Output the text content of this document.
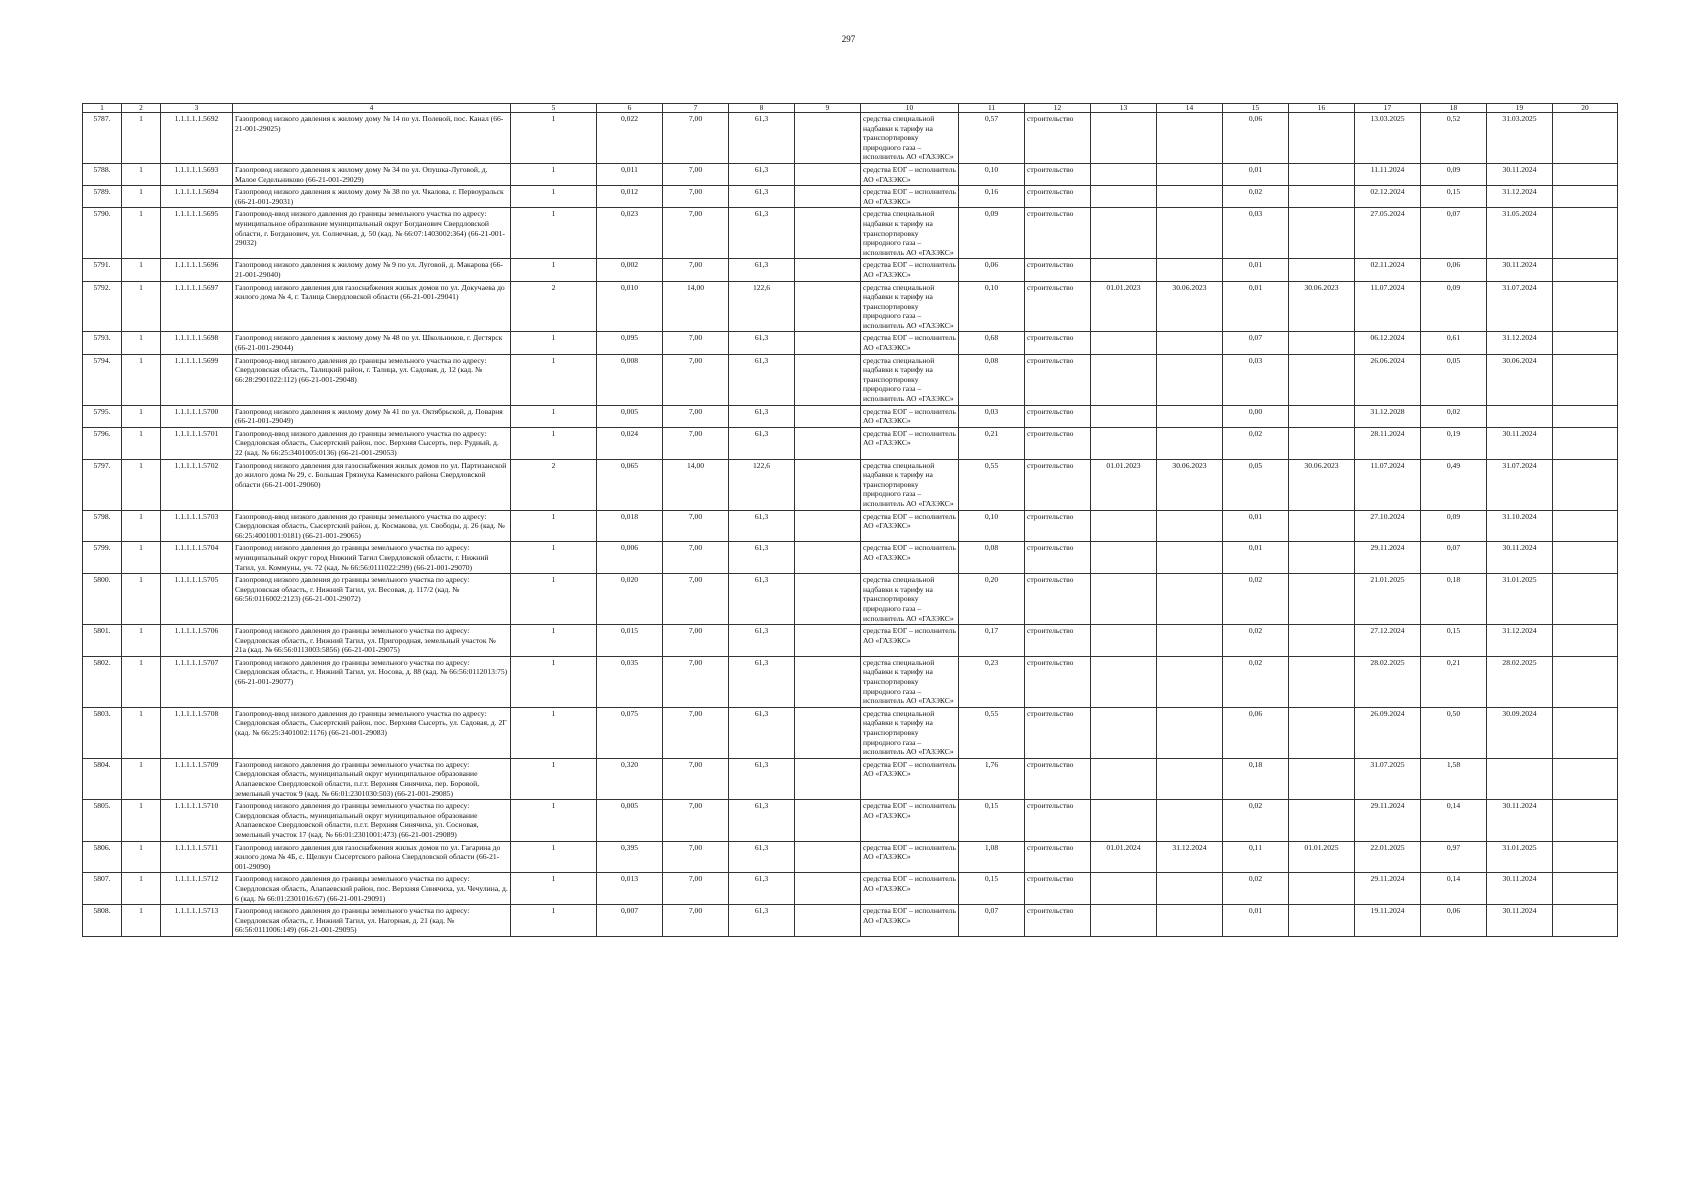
297
1	2	3	4	5	6	7	8	9	10	11	12	13	14	15	16	17	18	19	20
5787.	1	1.1.1.1.1.5692	Газопровод низкого давления к жилому дому № 14 по ул. Полевой, пос. Канал (66-21-001-29025)	1	0,022	7,00	61,3		средства специальной надбавки к тарифу на транспортировку природного газа – исполнитель АО «ГАЗЭКС»	0,57	строительство			0,06		13.03.2025	0,52	31.03.2025	
5788.	1	1.1.1.1.1.5693	Газопровод низкого давления к жилому дому № 34 по ул. Опушка-Луговой, д. Малое Седельниково (66-21-001-29029)	1	0,011	7,00	61,3		средства ЕОГ – исполнитель АО «ГАЗЭКС»	0,10	строительство			0,01		11.11.2024	0,09	30.11.2024	
5789.	1	1.1.1.1.1.5694	Газопровод низкого давления к жилому дому № 38 по ул. Чкалова, г. Первоуральск (66-21-001-29031)	1	0,012	7,00	61,3		средства ЕОГ – исполнитель АО «ГАЗЭКС»	0,16	строительство			0,02		02.12.2024	0,15	31.12.2024	
5790.	1	1.1.1.1.1.5695	Газопровод-ввод низкого давления до границы земельного участка по адресу: муниципальное образование муниципальный округ Богданович Свердловской области, г. Богданович, ул. Солнечная, д. 50 (кад. № 66:07:1403002:364) (66-21-001-29032)	1	0,023	7,00	61,3		средства специальной надбавки к тарифу на транспортировку природного газа – исполнитель АО «ГАЗЭКС»	0,09	строительство			0,03		27.05.2024	0,07	31.05.2024	
5791.	1	1.1.1.1.1.5696	Газопровод низкого давления к жилому дому № 9 по ул. Луговой, д. Макарова (66-21-001-29040)	1	0,002	7,00	61,3		средства ЕОГ – исполнитель АО «ГАЗЭКС»	0,06	строительство			0,01		02.11.2024	0,06	30.11.2024	
5792.	1	1.1.1.1.1.5697	Газопровод низкого давления для газоснабжения жилых домов по ул. Докучаева до жилого дома № 4, г. Талица Свердловской области (66-21-001-29041)	2	0,010	14,00	122,6		средства специальной надбавки к тарифу на транспортировку природного газа – исполнитель АО «ГАЗЭКС»	0,10	строительство	01.01.2023	30.06.2023	0,01	30.06.2023	11.07.2024	0,09	31.07.2024	
5793.	1	1.1.1.1.1.5698	Газопровод низкого давления к жилому дому № 48 по ул. Школьников, г. Дегтярск (66-21-001-29044)	1	0,095	7,00	61,3		средства ЕОГ – исполнитель АО «ГАЗЭКС»	0,68	строительство			0,07		06.12.2024	0,61	31.12.2024	
5794.	1	1.1.1.1.1.5699	Газопровод-ввод низкого давления до границы земельного участка по адресу: Свердловская область, Талицкий район, г. Талица, ул. Садовая, д. 12 (кад. № 66:28:2901022:112) (66-21-001-29048)	1	0,008	7,00	61,3		средства специальной надбавки к тарифу на транспортировку природного газа – исполнитель АО «ГАЗЭКС»	0,08	строительство			0,03		26.06.2024	0,05	30.06.2024	
5795.	1	1.1.1.1.1.5700	Газопровод низкого давления к жилому дому № 41 по ул. Октябрьской, д. Поварня (66-21-001-29049)	1	0,005	7,00	61,3		средства ЕОГ – исполнитель АО «ГАЗЭКС»	0,03	строительство			0,00		31.12.2028	0,02		
5796.	1	1.1.1.1.1.5701	Газопровод-ввод низкого давления до границы земельного участка по адресу: Свердловская область, Сысертский район, пос. Верхняя Сысерть, пер. Рудный, д. 22 (кад. № 66:25:3401005:0136) (66-21-001-29053)	1	0,024	7,00	61,3		средства ЕОГ – исполнитель АО «ГАЗЭКС»	0,21	строительство			0,02		28.11.2024	0,19	30.11.2024	
5797.	1	1.1.1.1.1.5702	Газопровод низкого давления для газоснабжения жилых домов по ул. Партизанской до жилого дома № 29, с. Большая Грязнуха Каменского района Свердловской области (66-21-001-29060)	2	0,065	14,00	122,6		средства специальной надбавки к тарифу на транспортировку природного газа – исполнитель АО «ГАЗЭКС»	0,55	строительство	01.01.2023	30.06.2023	0,05	30.06.2023	11.07.2024	0,49	31.07.2024	
5798.	1	1.1.1.1.1.5703	Газопровод-ввод низкого давления до границы земельного участка по адресу: Свердловская область, Сысертский район, д. Космакова, ул. Свободы, д. 26 (кад. № 66:25:4001001:0181) (66-21-001-29065)	1	0,018	7,00	61,3		средства ЕОГ – исполнитель АО «ГАЗЭКС»	0,10	строительство			0,01		27.10.2024	0,09	31.10.2024	
5799.	1	1.1.1.1.1.5704	Газопровод низкого давления до границы земельного участка по адресу: муниципальный округ город Нижний Тагил Свердловской области, г. Нижний Тагил, ул. Коммуны, уч. 72 (кад. № 66:56:0111022:299) (66-21-001-29070)	1	0,006	7,00	61,3		средства ЕОГ – исполнитель АО «ГАЗЭКС»	0,08	строительство			0,01		29.11.2024	0,07	30.11.2024	
5800.	1	1.1.1.1.1.5705	Газопровод низкого давления до границы земельного участка по адресу: Свердловская область, г. Нижний Тагил, ул. Весовая, д. 117/2 (кад. № 66:56:0116002:2123) (66-21-001-29072)	1	0,020	7,00	61,3		средства специальной надбавки к тарифу на транспортировку природного газа – исполнитель АО «ГАЗЭКС»	0,20	строительство			0,02		21.01.2025	0,18	31.01.2025	
5801.	1	1.1.1.1.1.5706	Газопровод низкого давления до границы земельного участка по адресу: Свердловская область, г. Нижний Тагил, ул. Пригородная, земельный участок № 21а (кад. № 66:56:0113003:5856) (66-21-001-29075)	1	0,015	7,00	61,3		средства ЕОГ – исполнитель АО «ГАЗЭКС»	0,17	строительство			0,02		27.12.2024	0,15	31.12.2024	
5802.	1	1.1.1.1.1.5707	Газопровод низкого давления до границы земельного участка по адресу: Свердловская область, г. Нижний Тагил, ул. Носова, д. 88 (кад. № 66:56:0112013:75) (66-21-001-29077)	1	0,035	7,00	61,3		средства специальной надбавки к тарифу на транспортировку природного газа – исполнитель АО «ГАЗЭКС»	0,23	строительство			0,02		28.02.2025	0,21	28.02.2025	
5803.	1	1.1.1.1.1.5708	Газопровод-ввод низкого давления до границы земельного участка по адресу: Свердловская область, Сысертский район, пос. Верхняя Сысерть, ул. Садовая, д. 2Г (кад. № 66:25:3401002:1176) (66-21-001-29083)	1	0,075	7,00	61,3		средства специальной надбавки к тарифу на транспортировку природного газа – исполнитель АО «ГАЗЭКС»	0,55	строительство			0,06		26.09.2024	0,50	30.09.2024	
5804.	1	1.1.1.1.1.5709	Газопровод низкого давления до границы земельного участка по адресу: Свердловская область, муниципальный округ муниципальное образование Алапаевское Свердловской области, п.г.т. Верхняя Синячиха, пер. Боровой, земельный участок 9 (кад. № 66:01:2301030:503) (66-21-001-29085)	1	0,320	7,00	61,3		средства ЕОГ – исполнитель АО «ГАЗЭКС»	1,76	строительство			0,18		31.07.2025	1,58		
5805.	1	1.1.1.1.1.5710	Газопровод низкого давления до границы земельного участка по адресу: Свердловская область, муниципальный округ муниципальное образование Алапаевское Свердловской области, п.г.т. Верхняя Синячиха, ул. Сосновая, земельный участок 17 (кад. № 66:01:2301001:473) (66-21-001-29089)	1	0,005	7,00	61,3		средства ЕОГ – исполнитель АО «ГАЗЭКС»	0,15	строительство			0,02		29.11.2024	0,14	30.11.2024	
5806.	1	1.1.1.1.1.5711	Газопровод низкого давления для газоснабжения жилых домов по ул. Гагарина до жилого дома № 4Б, с. Щелкун Сысертского района Свердловской области (66-21-001-29090)	1	0,395	7,00	61,3		средства ЕОГ – исполнитель АО «ГАЗЭКС»	1,08	строительство	01.01.2024	31.12.2024	0,11	01.01.2025	22.01.2025	0,97	31.01.2025	
5807.	1	1.1.1.1.1.5712	Газопровод низкого давления до границы земельного участка по адресу: Свердловская область, Алапаевский район, пос. Верхняя Синячиха, ул. Чечулина, д. 6 (кад. № 66:01:2301016:67) (66-21-001-29091)	1	0,013	7,00	61,3		средства ЕОГ – исполнитель АО «ГАЗЭКС»	0,15	строительство			0,02		29.11.2024	0,14	30.11.2024	
5808.	1	1.1.1.1.1.5713	Газопровод низкого давления до границы земельного участка по адресу: Свердловская область, г. Нижний Тагил, ул. Нагорная, д. 21 (кад. № 66:56:0111006:149) (66-21-001-29095)	1	0,007	7,00	61,3		средства ЕОГ – исполнитель АО «ГАЗЭКС»	0,07	строительство			0,01		19.11.2024	0,06	30.11.2024	
